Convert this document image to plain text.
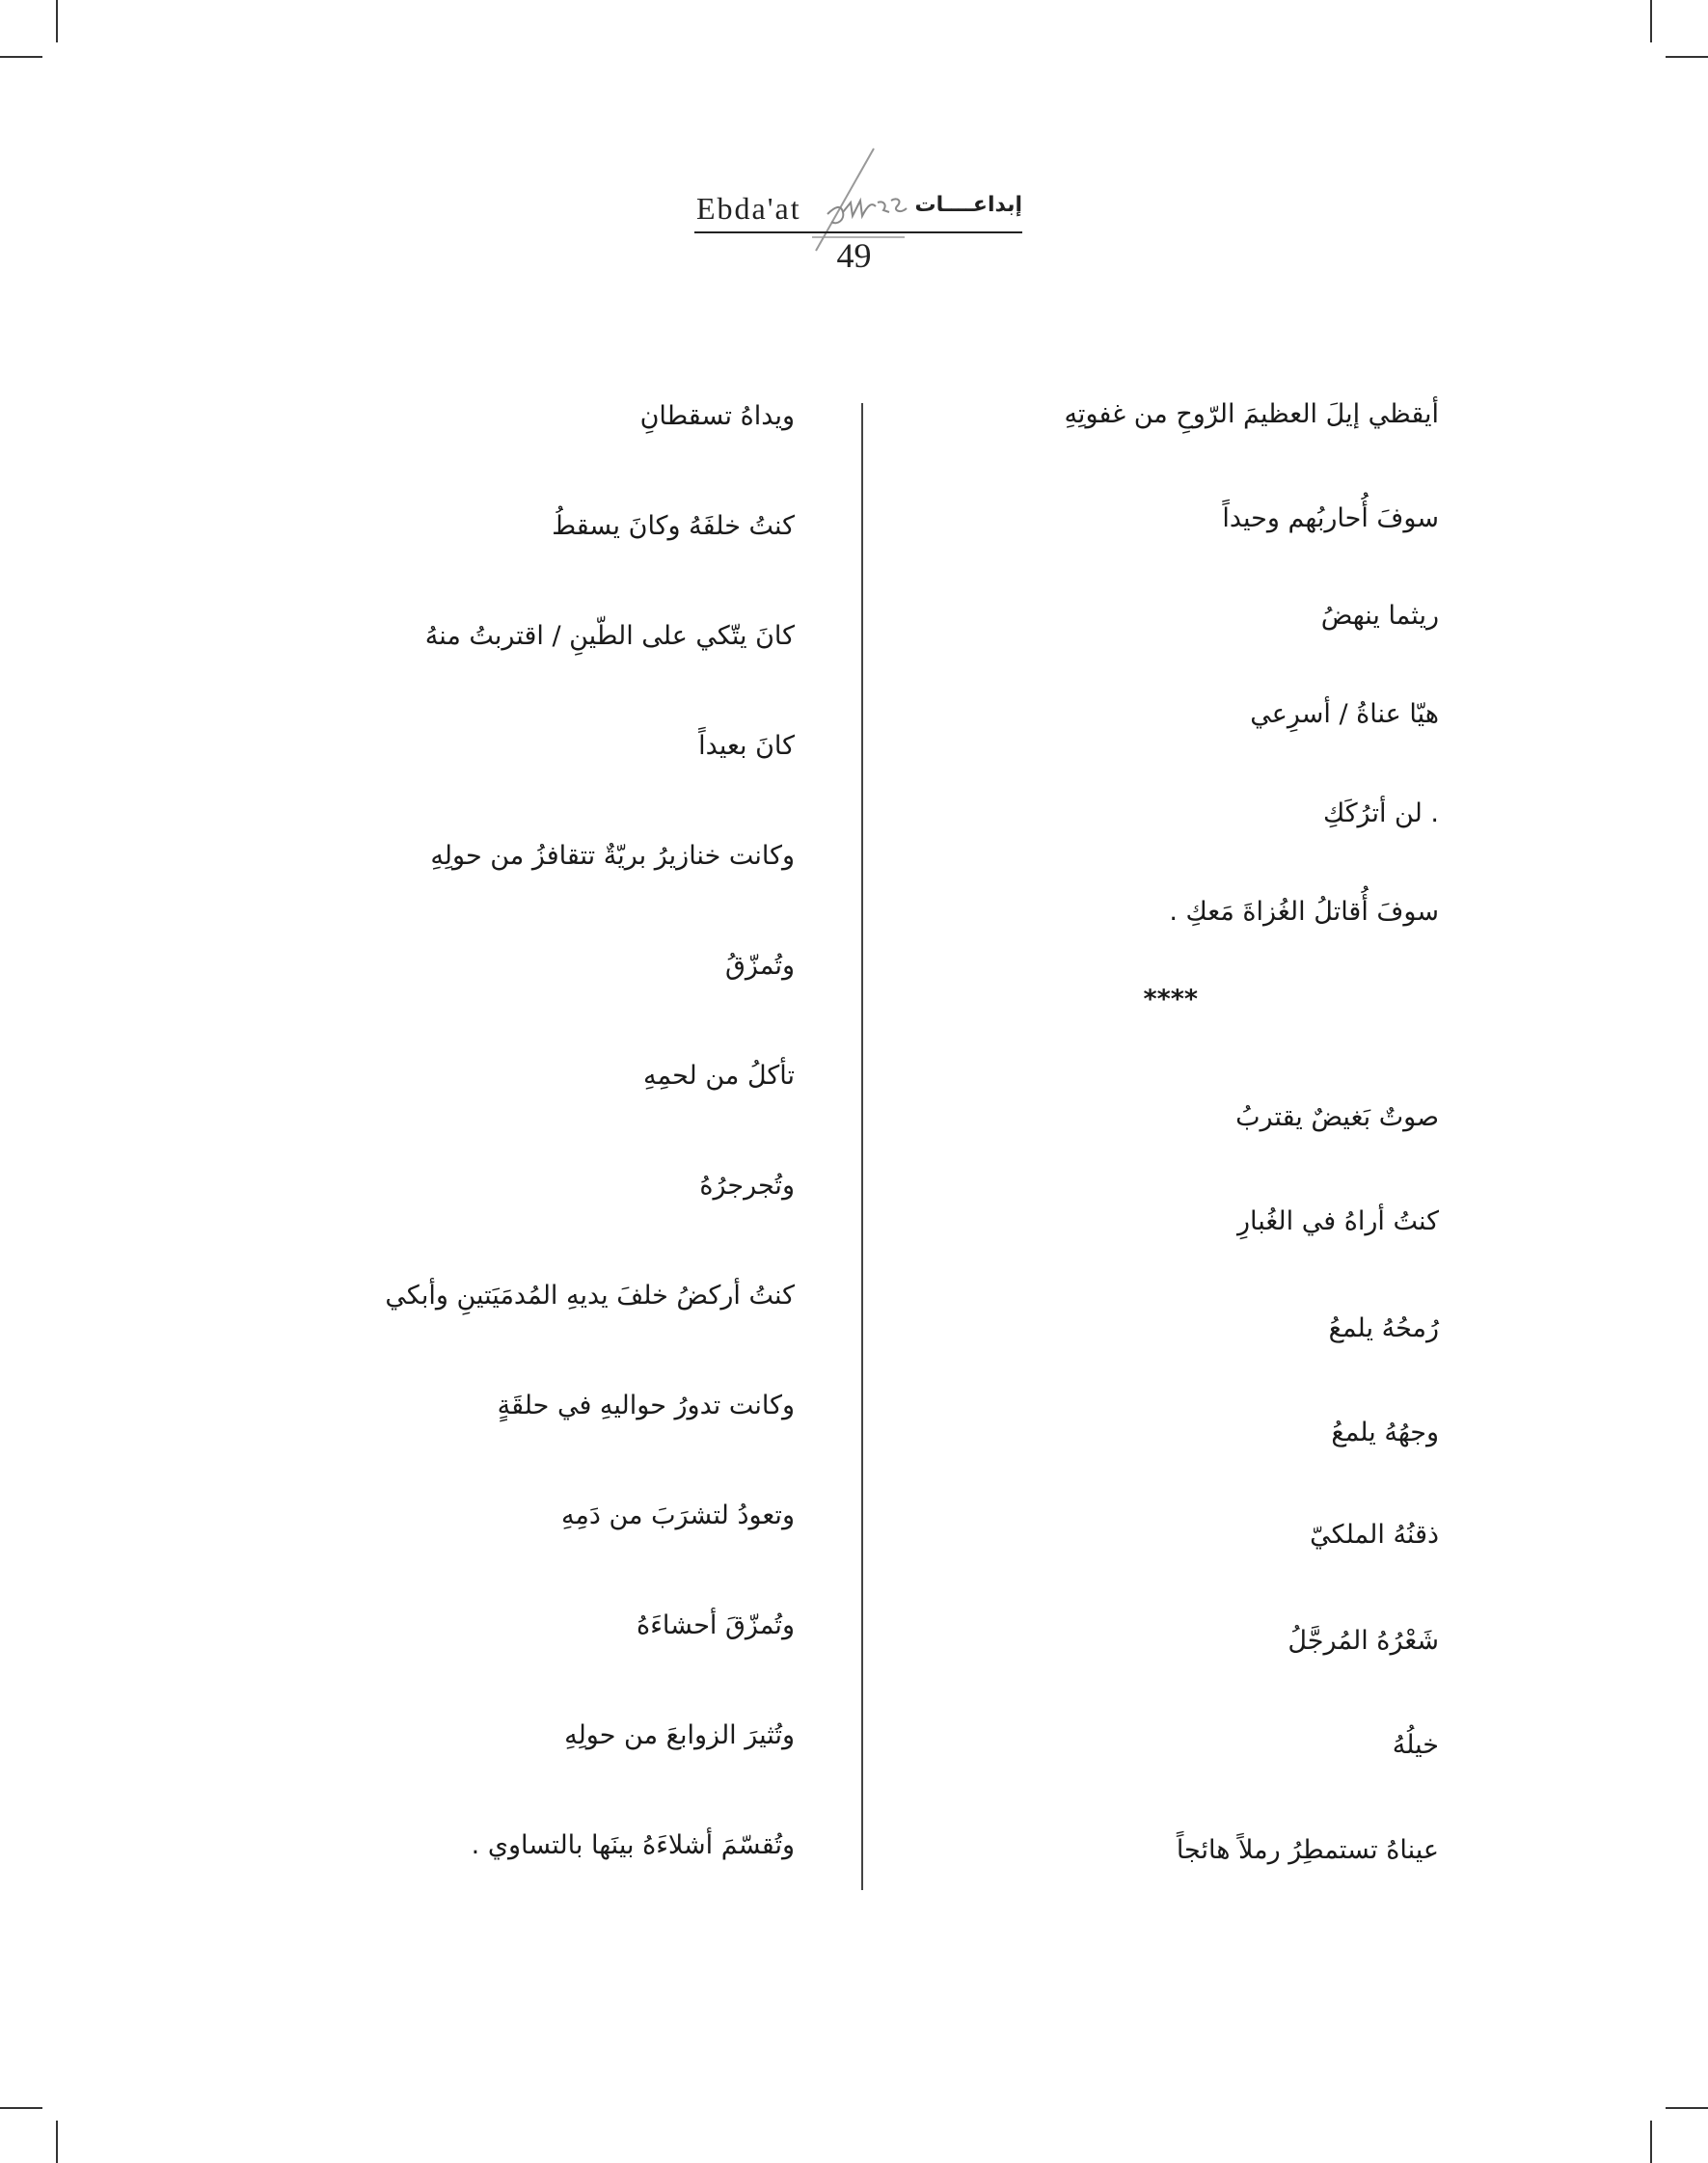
Ebda'at	إبداعــــات
49
أيقظي إيلَ العظيمَ الرّوحِ من غفوتِهِ
سوفَ أُحاربُهم وحيداً
ريثما ينهضُ
هيّا عناةُ / أسرِعي
. لن أترُكَكِ
سوفَ أُقاتلُ الغُزاةَ مَعكِ .
****
صوتٌ بَغيضٌ يقتربُ
كنتُ أراهُ في الغُبارِ
رُمحُهُ يلمعُ
وجهُهُ يلمعُ
ذقنُهُ الملكيّ
شَعْرُهُ المُرجَّلُ
خيلُهُ
عيناهُ تستمطِرُ رملاً هائجاً
ويداهُ تسقطانِ
كنتُ خلفَهُ وكانَ يسقطُ
كانَ يتّكي على الطّينِ / اقتربتُ منهُ
كانَ بعيداً
وكانت خنازيرُ بريّةٌ تتقافزُ من حولِهِ
وتُمزّقُ
تأكلُ من لحمِهِ
وتُجرجرُهُ
كنتُ أركضُ خلفَ يديهِ المُدمَيَتينِ وأبكي
وكانت تدورُ حواليهِ في حلقَةٍ
وتعودُ لتشرَبَ من دَمِهِ
وتُمزّقَ أحشاءَهُ
وتُثيرَ الزوابعَ من حولِهِ
وتُقسّمَ أشلاءَهُ بينَها بالتساوي .
